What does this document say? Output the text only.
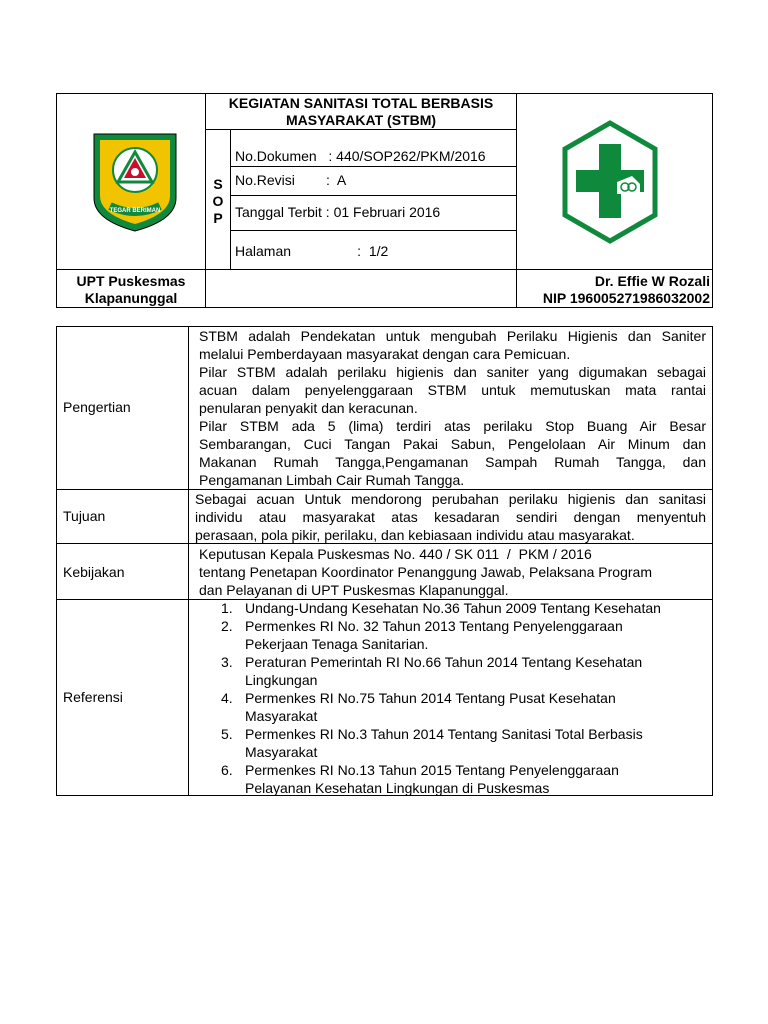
TEGAR BERIMAN
KEGIATAN SANITASI TOTAL BERBASIS
MASYARAKAT (STBM)
S
O
P
No.Dokumen   : 440/SOP262/PKM/2016
No.Revisi        :  A
Tanggal Terbit : 01 Februari 2016
Halaman                 :  1/2
UPT Puskesmas
Klapanunggal
Dr. Effie W Rozali
NIP 196005271986032002
Pengertian
Tujuan
Kebijakan
Referensi
STBM adalah Pendekatan untuk mengubah Perilaku Higienis dan Saniter
melalui Pemberdayaan masyarakat dengan cara Pemicuan.
Pilar STBM adalah perilaku higienis dan saniter yang digumakan sebagai
acuan dalam penyelenggaraan STBM untuk memutuskan mata rantai
penularan penyakit dan keracunan.
Pilar STBM ada 5 (lima) terdiri atas perilaku Stop Buang Air Besar
Sembarangan, Cuci Tangan Pakai Sabun, Pengelolaan Air Minum dan
Makanan Rumah Tangga,Pengamanan Sampah Rumah Tangga, dan
Pengamanan Limbah Cair Rumah Tangga.
Sebagai acuan Untuk mendorong perubahan perilaku higienis dan sanitasi
individu atau masyarakat atas kesadaran sendiri dengan menyentuh
perasaan, pola pikir, perilaku, dan kebiasaan individu atau masyarakat.
Keputusan Kepala Puskesmas No. 440 / SK 011  /  PKM / 2016
tentang Penetapan Koordinator Penanggung Jawab, Pelaksana Program
dan Pelayanan di UPT Puskesmas Klapanunggal.
1. Undang-Undang Kesehatan No.36 Tahun 2009 Tentang Kesehatan
2. Permenkes RI No. 32 Tahun 2013 Tentang Penyelenggaraan
Pekerjaan Tenaga Sanitarian.
3. Peraturan Pemerintah RI No.66 Tahun 2014 Tentang Kesehatan
Lingkungan
4. Permenkes RI No.75 Tahun 2014 Tentang Pusat Kesehatan
Masyarakat
5. Permenkes RI No.3 Tahun 2014 Tentang Sanitasi Total Berbasis
Masyarakat
6. Permenkes RI No.13 Tahun 2015 Tentang Penyelenggaraan
Pelayanan Kesehatan Lingkungan di Puskesmas
